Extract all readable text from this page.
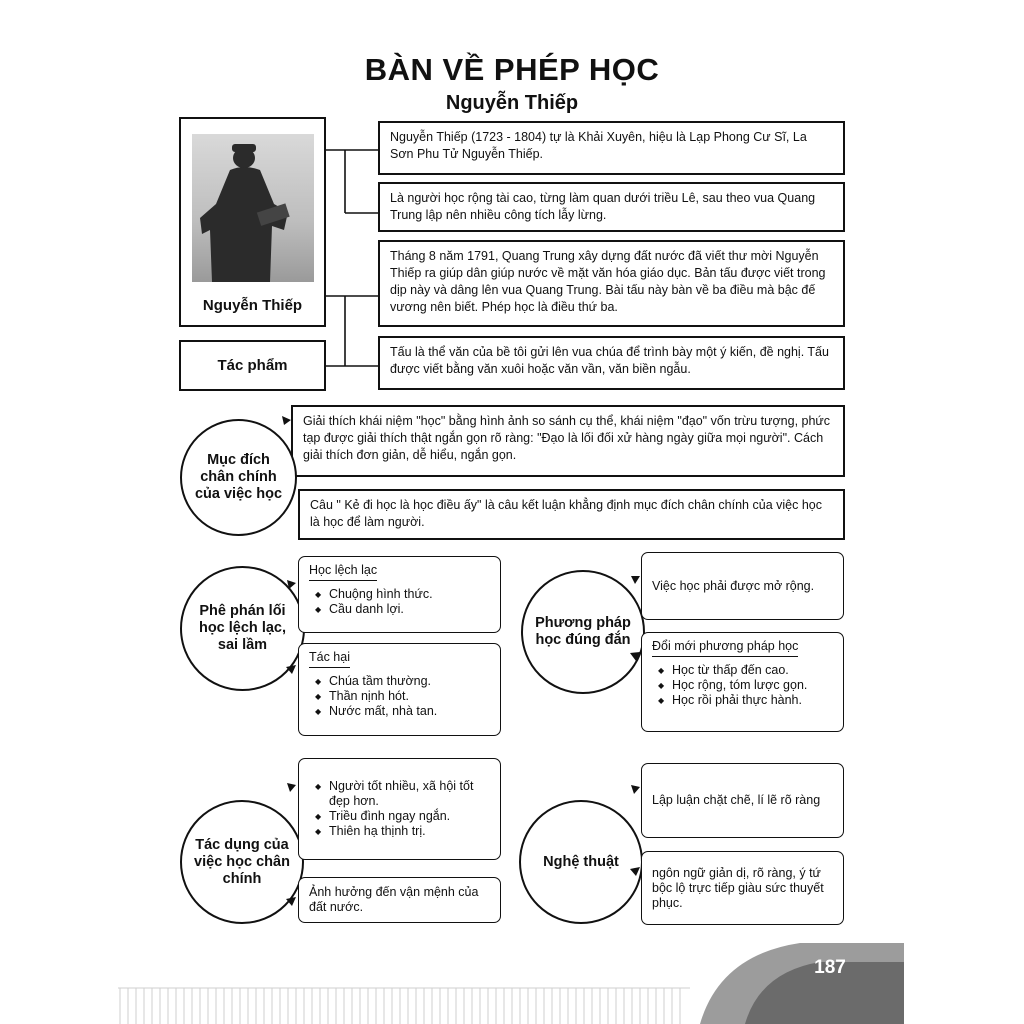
BÀN VỀ PHÉP HỌC
Nguyễn Thiếp
Nguyễn Thiếp
Tác phẩm
Nguyễn Thiếp (1723 - 1804) tự là Khải Xuyên, hiệu là Lạp Phong Cư Sĩ, La Sơn Phu Tử Nguyễn Thiếp.
Là người học rộng tài cao, từng làm quan dưới triều Lê, sau theo vua Quang Trung lập nên nhiều công tích lẫy lừng.
Tháng 8 năm 1791, Quang Trung xây dựng đất nước đã viết thư mời Nguyễn Thiếp ra giúp dân giúp nước về mặt văn hóa giáo dục. Bản tấu được viết trong dịp này và dâng lên vua Quang Trung. Bài tấu này bàn về ba điều mà bậc đế vương nên biết. Phép học là điều thứ ba.
Tấu là thể văn của bề tôi gửi lên vua chúa để trình bày một ý kiến, đề nghị. Tấu được viết bằng văn xuôi hoặc văn vần, văn biền ngẫu.
Giải thích khái niệm "học" bằng hình ảnh so sánh cụ thể, khái niệm "đạo" vốn trừu tượng, phức tạp được giải thích thật ngắn gọn rõ ràng: "Đạo là lối đối xử hàng ngày giữa mọi người". Cách giải thích đơn giản, dễ hiểu, ngắn gọn.
Câu " Kẻ đi học là học điều ấy" là câu kết luận khẳng định mục đích chân chính của việc học là học để làm người.
Mục đích chân chính của việc học
Phê phán lối học lệch lạc, sai lầm
Học lệch lạc
◆ Chuộng hình thức.
◆ Cầu danh lợi.
Tác hại
◆ Chúa tầm thường.
◆ Thần nịnh hót.
◆ Nước mất, nhà tan.
Phương pháp học đúng đắn
Việc học phải được mở rộng.
Đổi mới phương pháp học
◆ Học từ thấp đến cao.
◆ Học rộng, tóm lược gọn.
◆ Học rồi phải thực hành.
Tác dụng của việc học chân chính
◆ Người tốt nhiều, xã hội tốt đẹp hơn.
◆ Triều đình ngay ngắn.
◆ Thiên hạ thịnh trị.
Ảnh hưởng đến vận mệnh của đất nước.
Nghệ thuật
Lập luận chặt chẽ, lí lẽ rõ ràng
ngôn ngữ giản dị, rõ ràng, ý tứ bộc lộ trực tiếp giàu sức thuyết phục.
187
